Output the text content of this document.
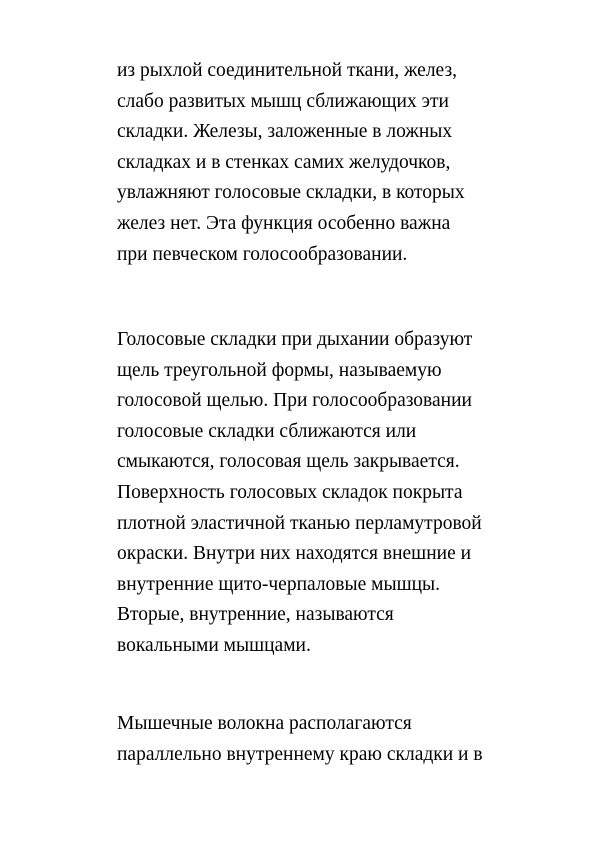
из рыхлой соединительной ткани, желез,
слабо развитых мышц сближающих эти
складки. Железы, заложенные в ложных
складках и в стенках самих желудочков,
увлажняют голосовые складки, в которых
желез нет. Эта функция особенно важна
при певческом голосообразовании.
Голосовые складки при дыхании образуют
щель треугольной формы, называемую
голосовой щелью. При голосообразовании
голосовые складки сближаются или
смыкаются, голосовая щель закрывается.
Поверхность голосовых складок покрыта
плотной эластичной тканью перламутровой
окраски. Внутри них находятся внешние и
внутренние щито-черпаловые мышцы.
Вторые, внутренние, называются
вокальными мышцами.
Мышечные волокна располагаются
параллельно внутреннему краю складки и в
